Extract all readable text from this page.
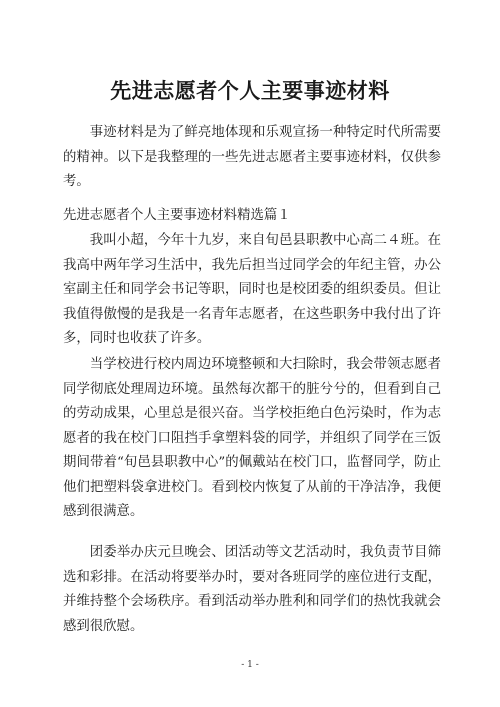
先进志愿者个人主要事迹材料

事迹材料是为了鲜亮地体现和乐观宣扬一种特定时代所需要的精神。以下是我整理的一些先进志愿者主要事迹材料，仅供参考。

先进志愿者个人主要事迹材料精选篇１

我叫小超，今年十九岁，来自旬邑县职教中心高二４班。在我高中两年学习生活中，我先后担当过同学会的年纪主管，办公室副主任和同学会书记等职，同时也是校团委的组织委员。但让我值得傲慢的是我是一名青年志愿者，在这些职务中我付出了许多，同时也收获了许多。

当学校进行校内周边环境整顿和大扫除时，我会带领志愿者同学彻底处理周边环境。虽然每次都干的脏兮兮的，但看到自己的劳动成果，心里总是很兴奋。当学校拒绝白色污染时，作为志愿者的我在校门口阻挡手拿塑料袋的同学，并组织了同学在三饭期间带着“旬邑县职教中心”的佩戴站在校门口，监督同学，防止他们把塑料袋拿进校门。看到校内恢复了从前的干净洁净，我便感到很满意。

团委举办庆元旦晚会、团活动等文艺活动时，我负责节目筛选和彩排。在活动将要举办时，要对各班同学的座位进行支配，并维持整个会场秩序。看到活动举办胜利和同学们的热忱我就会感到很欣慰。

- 1 -
